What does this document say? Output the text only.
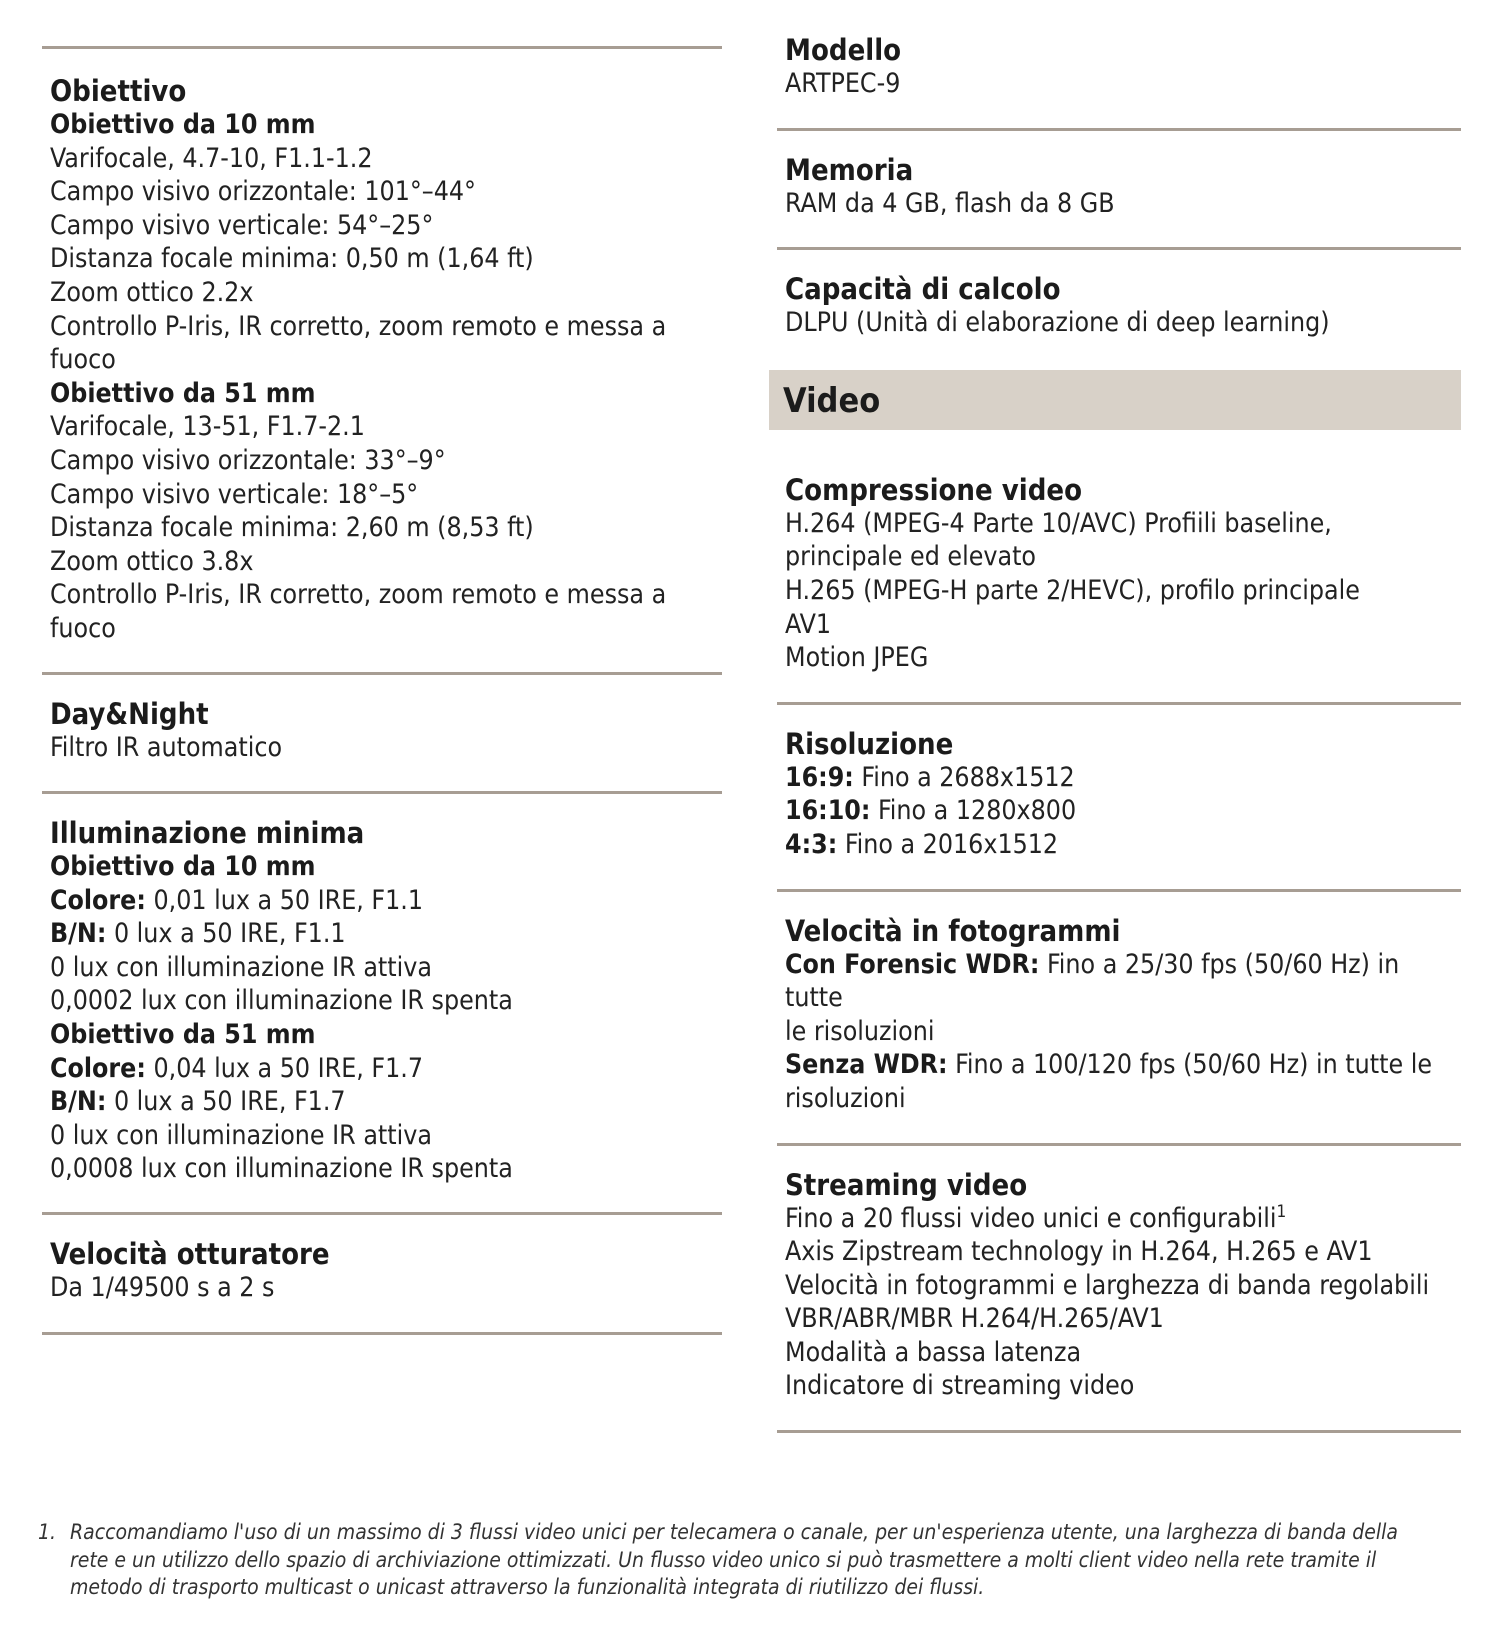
Obiettivo
Obiettivo da 10 mm
Varifocale, 4.7-10, F1.1-1.2
Campo visivo orizzontale: 101°–44°
Campo visivo verticale: 54°–25°
Distanza focale minima: 0,50 m (1,64 ft)
Zoom ottico 2.2x
Controllo P-Iris, IR corretto, zoom remoto e messa a
fuoco
Obiettivo da 51 mm
Varifocale, 13-51, F1.7-2.1
Campo visivo orizzontale: 33°–9°
Campo visivo verticale: 18°–5°
Distanza focale minima: 2,60 m (8,53 ft)
Zoom ottico 3.8x
Controllo P-Iris, IR corretto, zoom remoto e messa a
fuoco
Day&Night
Filtro IR automatico
Illuminazione minima
Obiettivo da 10 mm
Colore: 0,01 lux a 50 IRE, F1.1
B/N: 0 lux a 50 IRE, F1.1
0 lux con illuminazione IR attiva
0,0002 lux con illuminazione IR spenta
Obiettivo da 51 mm
Colore: 0,04 lux a 50 IRE, F1.7
B/N: 0 lux a 50 IRE, F1.7
0 lux con illuminazione IR attiva
0,0008 lux con illuminazione IR spenta
Velocità otturatore
Da 1/49500 s a 2 s
Modello
ARTPEC-9
Memoria
RAM da 4 GB, flash da 8 GB
Capacità di calcolo
DLPU (Unità di elaborazione di deep learning)
Video
Compressione video
H.264 (MPEG-4 Parte 10/AVC) Profiili baseline,
principale ed elevato
H.265 (MPEG-H parte 2/HEVC), profilo principale
AV1
Motion JPEG
Risoluzione
16:9: Fino a 2688x1512
16:10: Fino a 1280x800
4:3: Fino a 2016x1512
Velocità in fotogrammi
Con Forensic WDR: Fino a 25/30 fps (50/60 Hz) in tutte
le risoluzioni
Senza WDR: Fino a 100/120 fps (50/60 Hz) in tutte le
risoluzioni
Streaming video
Fino a 20 flussi video unici e configurabili$^1$
Axis Zipstream technology in H.264, H.265 e AV1
Velocità in fotogrammi e larghezza di banda regolabili
VBR/ABR/MBR H.264/H.265/AV1
Modalità a bassa latenza
Indicatore di streaming video
1. Raccomandiamo l'uso di un massimo di 3 flussi video unici per telecamera o canale, per un'esperienza utente, una larghezza di banda della rete e un utilizzo dello spazio di archiviazione ottimizzati. Un flusso video unico si può trasmettere a molti client video nella rete tramite il metodo di trasporto multicast o unicast attraverso la funzionalità integrata di riutilizzo dei flussi.
